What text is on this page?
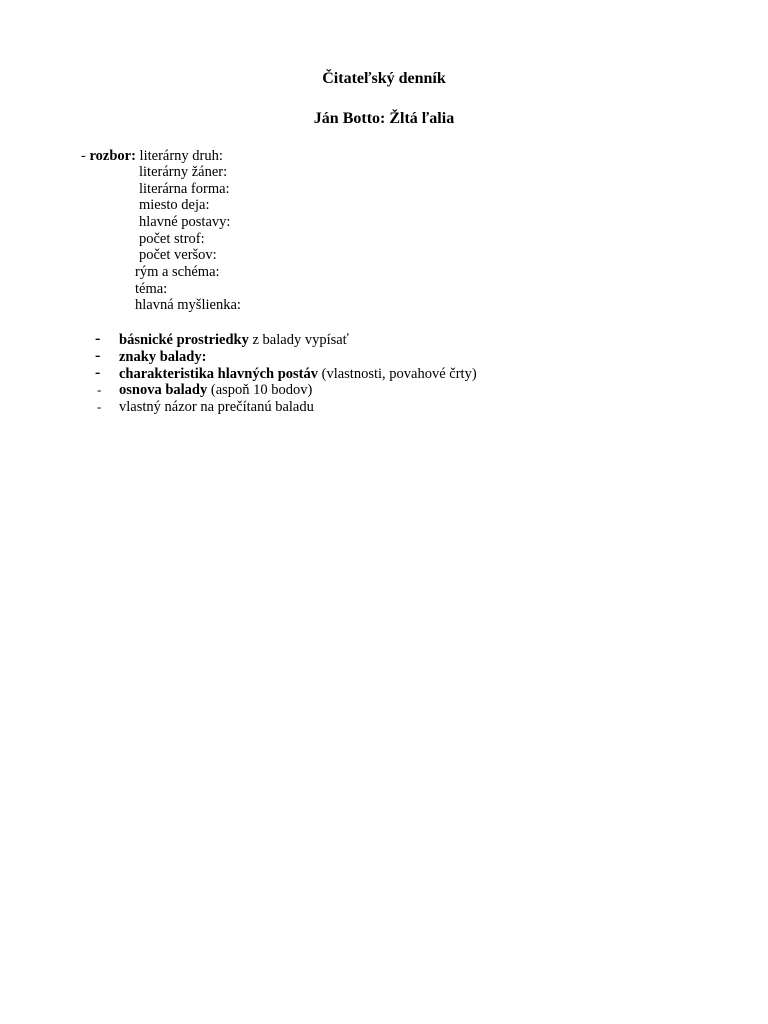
Čitateľský denník
Ján Botto: Žltá ľalia
- rozbor: literárny druh:
literárny žáner:
literárna forma:
miesto deja:
hlavné postavy:
počet strof:
počet veršov:
rým a schéma:
téma:
hlavná myšlienka:
- básnické prostriedky z balady vypísať
- znaky balady:
- charakteristika hlavných postáv (vlastnosti, povahové črty)
- osnova balady (aspoň 10 bodov)
- vlastný názor na prečítanú baladu
